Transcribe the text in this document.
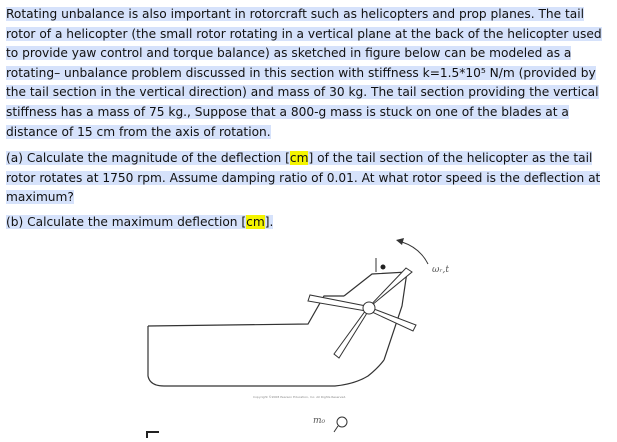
Rotating unbalance is also important in rotorcraft such as helicopters and prop planes. The tail rotor of a helicopter (the small rotor rotating in a vertical plane at the back of the helicopter used to provide yaw control and torque balance) as sketched in figure below can be modeled as a rotating– unbalance problem discussed in this section with stiffness k=1.5*10⁵ N/m (provided by the tail section in the vertical direction) and mass of 30 kg. The tail section providing the vertical stiffness has a mass of 75 kg., Suppose that a 800-g mass is stuck on one of the blades at a distance of 15 cm from the axis of rotation.

(a) Calculate the magnitude of the deflection [cm] of the tail section of the helicopter as the tail rotor rotates at 1750 rpm. Assume damping ratio of 0.01. At what rotor speed is the deflection at maximum?

(b) Calculate the maximum deflection [cm].

ωᵣ,t
m₀
Copyright ©2008 Pearson Education, Inc. All Rights Reserved.
